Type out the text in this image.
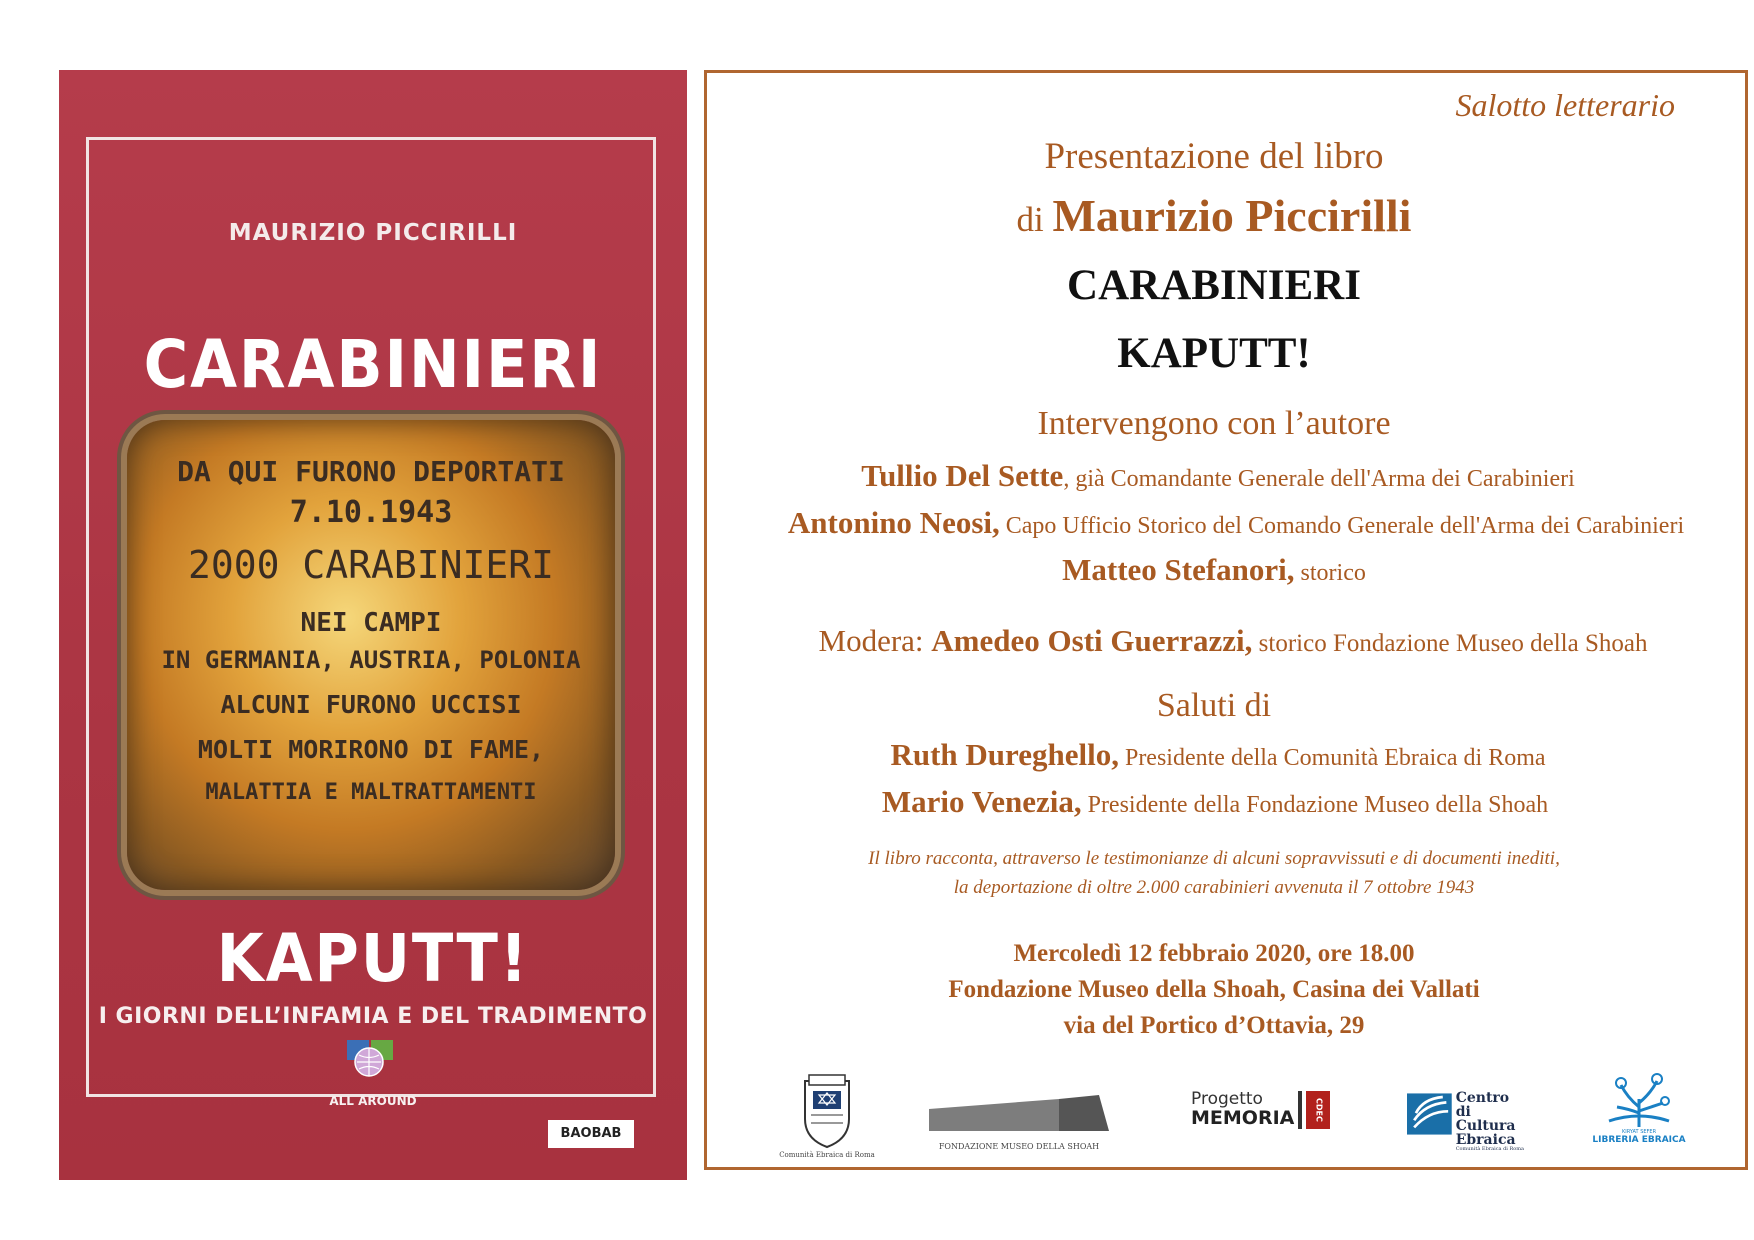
MAURIZIO PICCIRILLI
CARABINIERI
DA QUI FURONO DEPORTATI
7.10.1943
2000 CARABINIERI
NEI CAMPI
IN GERMANIA, AUSTRIA, POLONIA
ALCUNI FURONO UCCISI
MOLTI MORIRONO DI FAME,
MALATTIA E MALTRATTAMENTI
KAPUTT!
I GIORNI DELL’INFAMIA E DEL TRADIMENTO
ALL AROUND
BAOBAB
Salotto letterario
Presentazione del libro
di Maurizio Piccirilli
CARABINIERI
KAPUTT!
Intervengono con l’autore
Tullio Del Sette, già Comandante Generale dell'Arma dei Carabinieri
Antonino Neosi, Capo Ufficio Storico del Comando Generale dell'Arma dei Carabinieri
Matteo Stefanori, storico
Modera: Amedeo Osti Guerrazzi, storico Fondazione Museo della Shoah
Saluti di
Ruth Dureghello, Presidente della Comunità Ebraica di Roma
Mario Venezia, Presidente della Fondazione Museo della Shoah
Il libro racconta, attraverso le testimonianze di alcuni sopravvissuti e di documenti inediti,
la deportazione di oltre 2.000 carabinieri avvenuta il 7 ottobre 1943
Mercoledì 12 febbraio 2020, ore 18.00
Fondazione Museo della Shoah, Casina dei Vallati
via del Portico d’Ottavia, 29
Comunità Ebraica di Roma
FONDAZIONE MUSEO DELLA SHOAH
Progetto
MEMORIA	CDEC
Centro
di Cultura
Ebraica
Comunità Ebraica di Roma
KIRYAT SEFER
LIBRERIA EBRAICA
